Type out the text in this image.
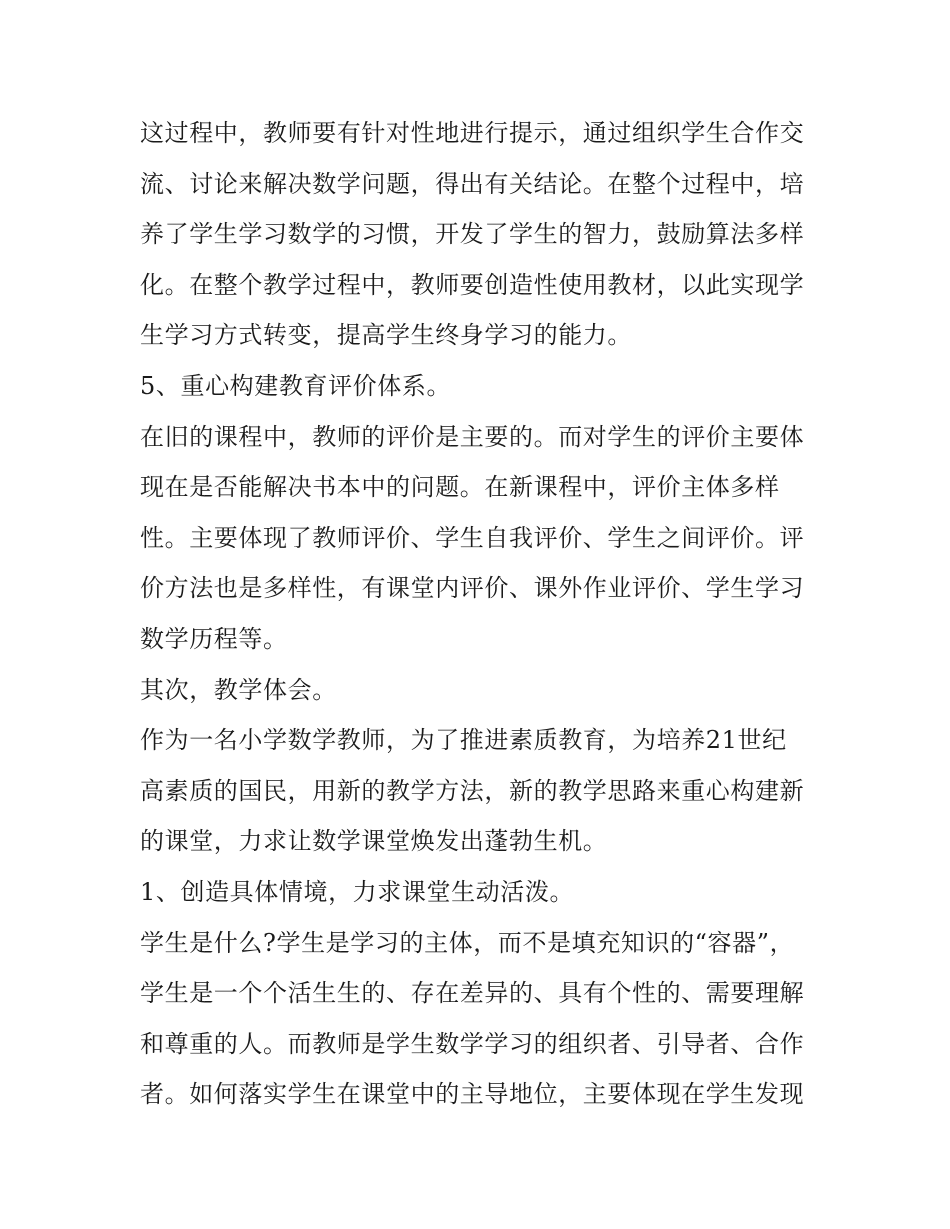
这过程中，教师要有针对性地进行提示，通过组织学生合作交
流、讨论来解决数学问题，得出有关结论。在整个过程中，培
养了学生学习数学的习惯，开发了学生的智力，鼓励算法多样
化。在整个教学过程中，教师要创造性使用教材，以此实现学
生学习方式转变，提高学生终身学习的能力。
5、重心构建教育评价体系。
在旧的课程中，教师的评价是主要的。而对学生的评价主要体
现在是否能解决书本中的问题。在新课程中，评价主体多样
性。主要体现了教师评价、学生自我评价、学生之间评价。评
价方法也是多样性，有课堂内评价、课外作业评价、学生学习
数学历程等。
其次，教学体会。
作为一名小学数学教师，为了推进素质教育，为培养21世纪
高素质的国民，用新的教学方法，新的教学思路来重心构建新
的课堂，力求让数学课堂焕发出蓬勃生机。
1、创造具体情境，力求课堂生动活泼。
学生是什么?学生是学习的主体，而不是填充知识的“容器”，
学生是一个个活生生的、存在差异的、具有个性的、需要理解
和尊重的人。而教师是学生数学学习的组织者、引导者、合作
者。如何落实学生在课堂中的主导地位，主要体现在学生发现
